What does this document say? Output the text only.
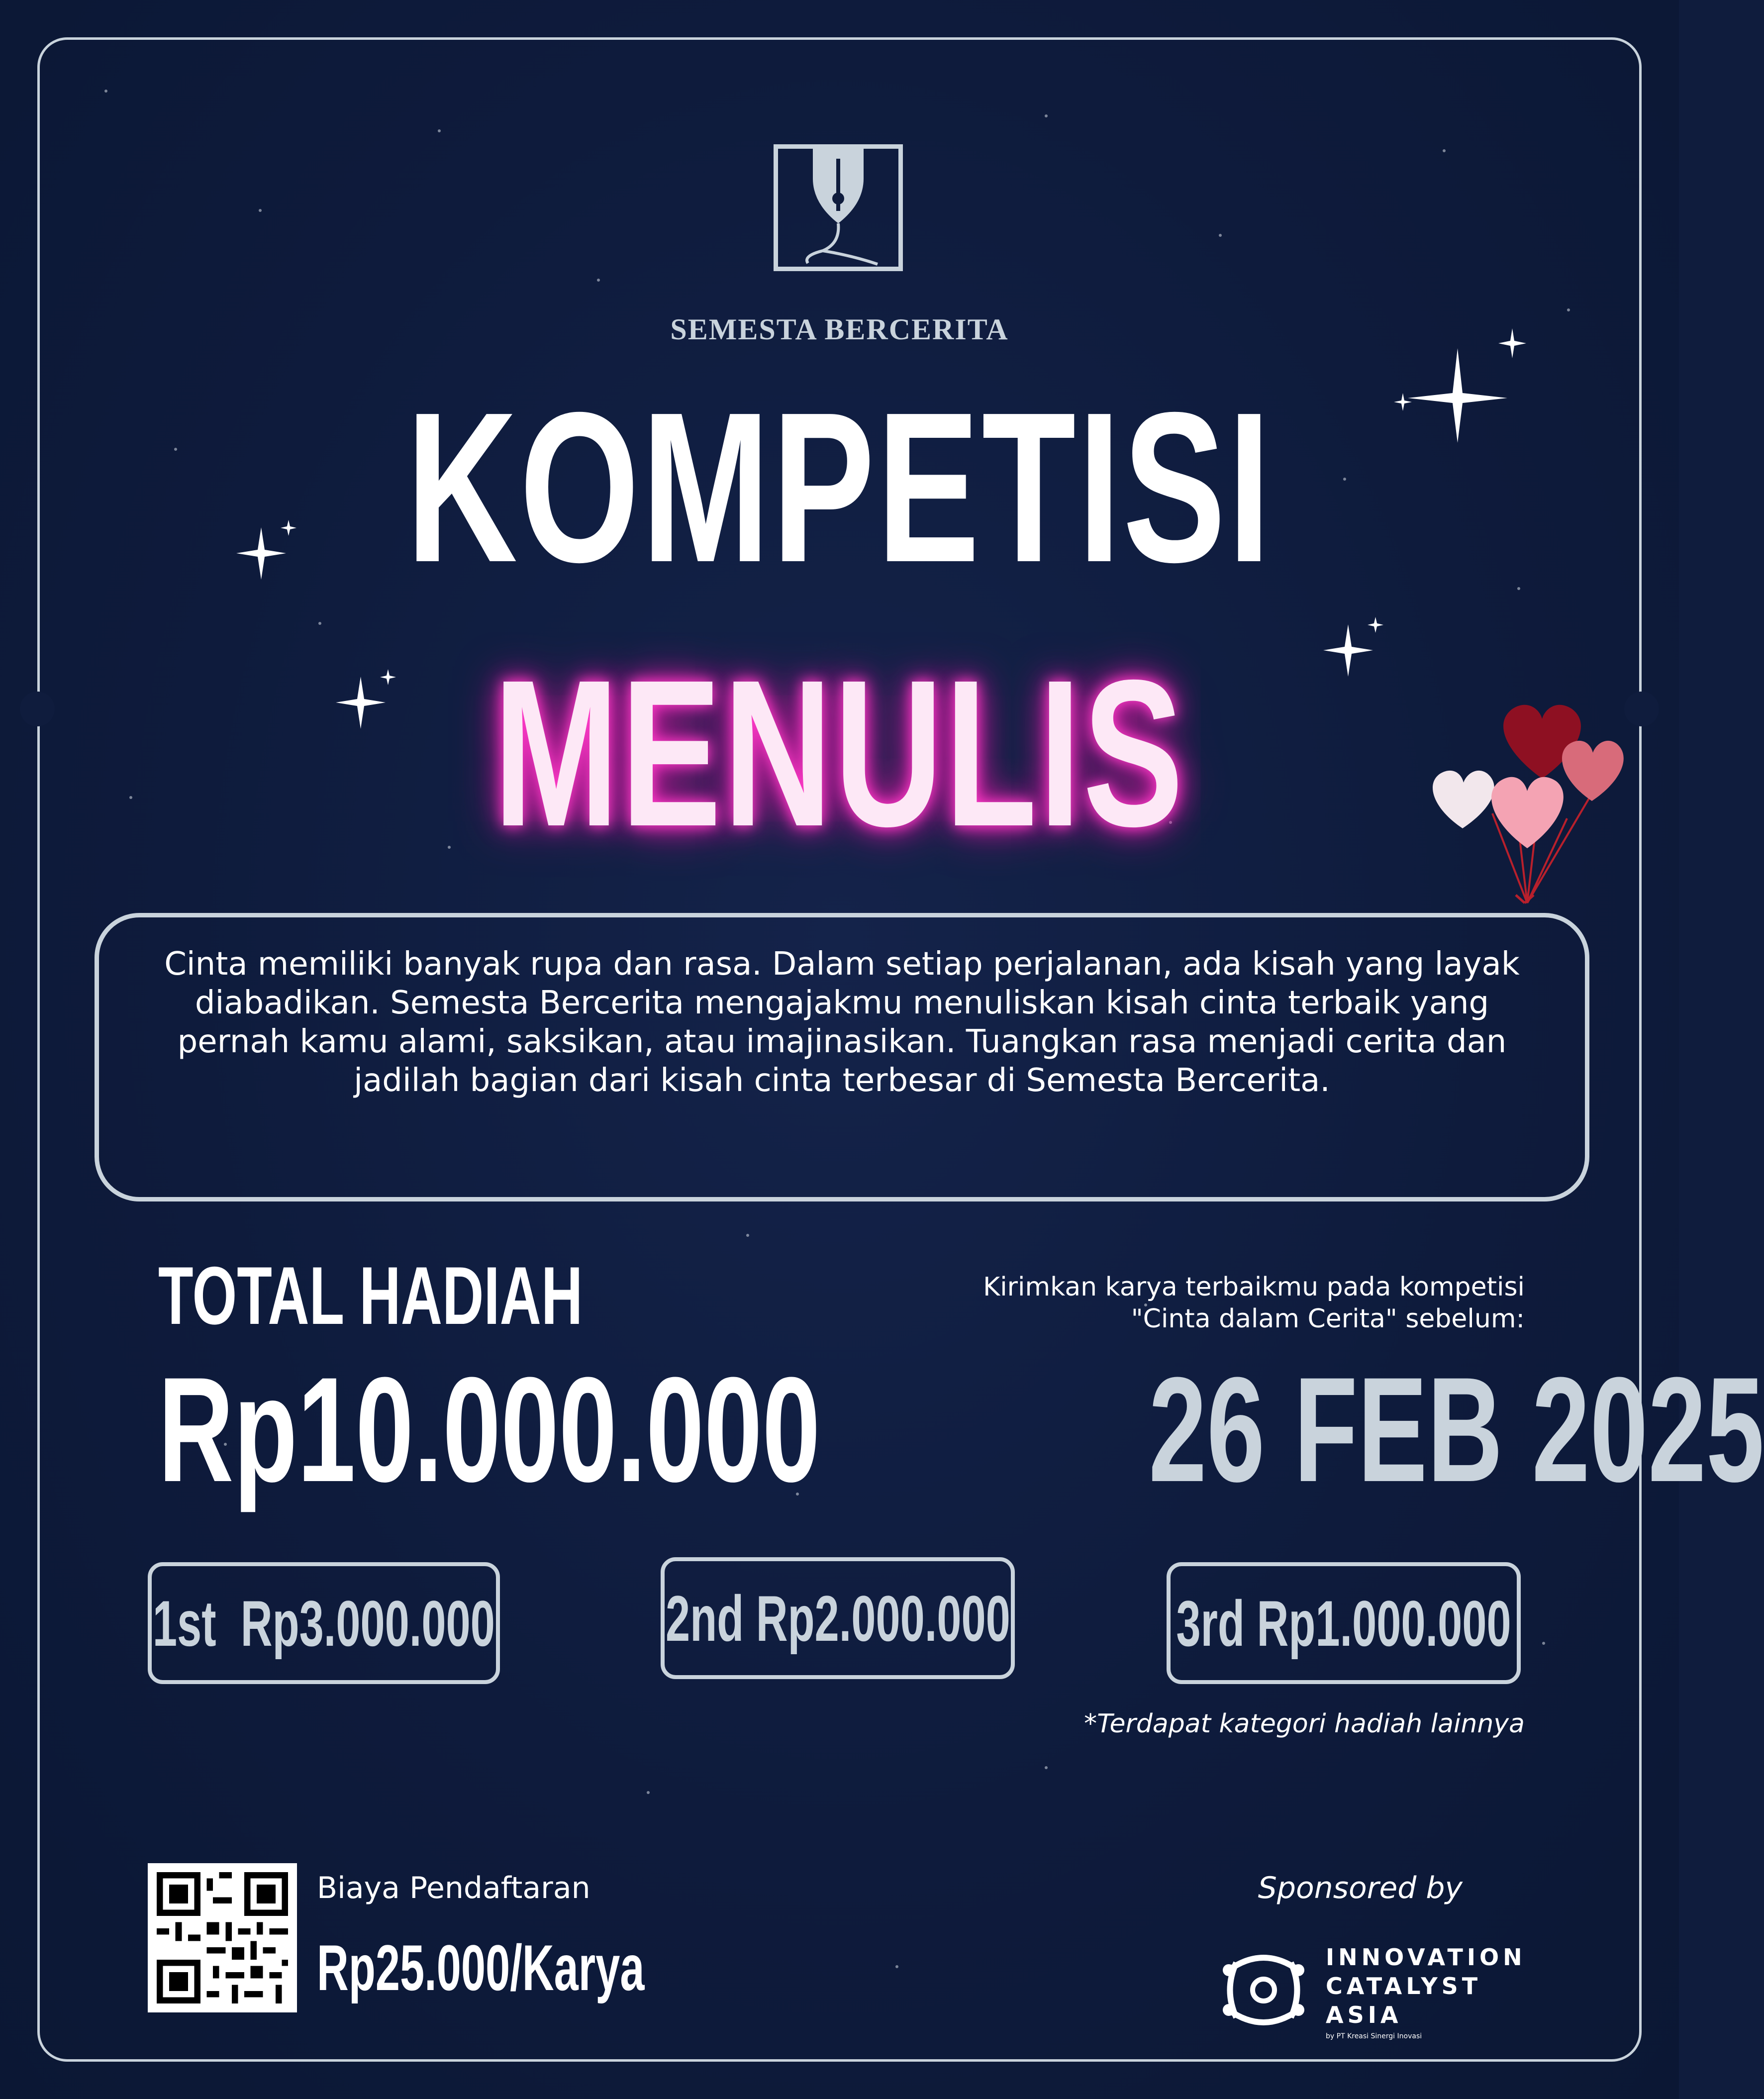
SEMESTA BERCERITA
KOMPETISI
MENULIS
Cinta memiliki banyak rupa dan rasa. Dalam setiap perjalanan, ada kisah yang layak diabadikan. Semesta Bercerita mengajakmu menuliskan kisah cinta terbaik yang pernah kamu alami, saksikan, atau imajinasikan. Tuangkan rasa menjadi cerita dan jadilah bagian dari kisah cinta terbesar di Semesta Bercerita.
TOTAL HADIAH
Rp10.000.000
Kirimkan karya terbaikmu pada kompetisi
"Cinta dalam Cerita" sebelum:
26 FEB 2025
1st  Rp3.000.000	2nd Rp2.000.000	3rd Rp1.000.000
*Terdapat kategori hadiah lainnya
Biaya Pendaftaran
Rp25.000/Karya
Sponsored by
INNOVATION
CATALYST
ASIA
by PT Kreasi Sinergi Inovasi
